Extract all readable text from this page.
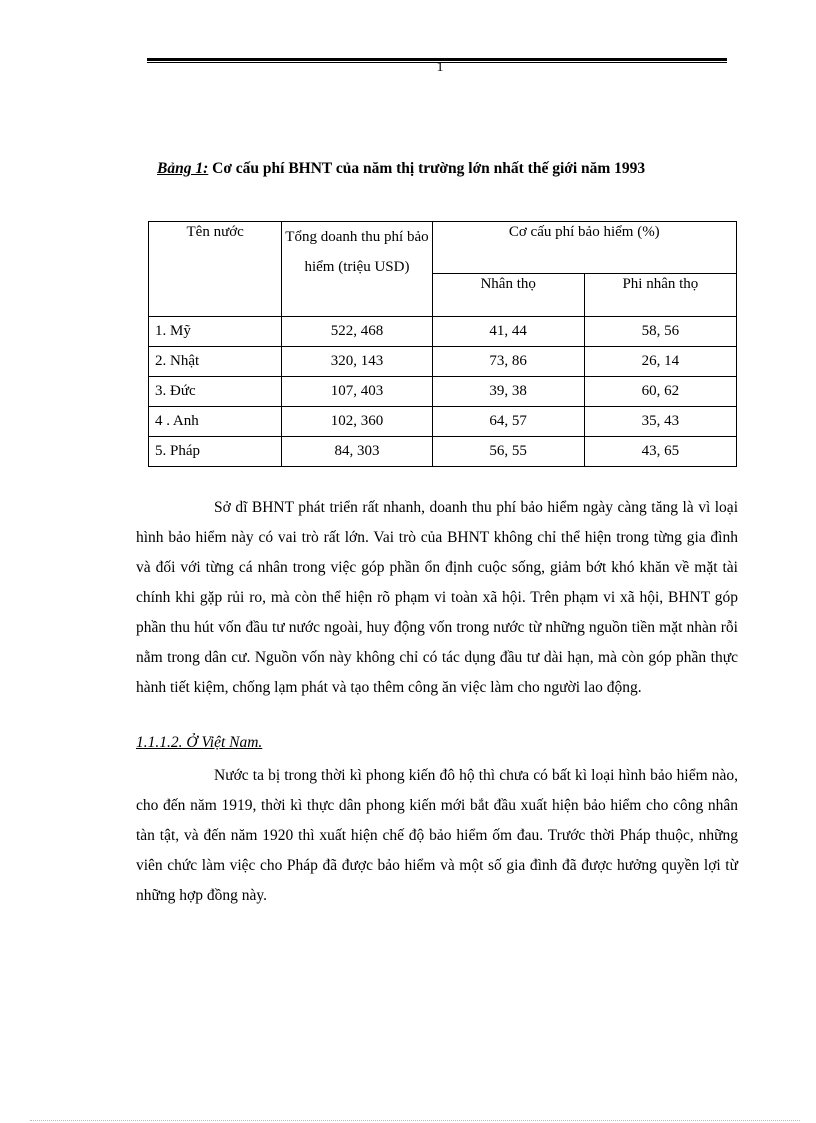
1
Bảng 1: Cơ cấu phí BHNT của năm thị trường lớn nhất thế giới năm 1993
Tên nước	Tổng doanh thu phí bảo hiểm (triệu USD)	Cơ cấu phí bảo hiểm (%)	
		Nhân thọ	Phi nhân thọ
1. Mỹ	522, 468	41, 44	58, 56
2. Nhật	320, 143	73, 86	26, 14
3. Đức	107, 403	39, 38	60, 62
4 . Anh	102, 360	64, 57	35, 43
5. Pháp	84, 303	56, 55	43, 65
Sở dĩ BHNT phát triển rất nhanh, doanh thu phí bảo hiểm ngày càng tăng là vì loại hình bảo hiểm này có vai trò rất lớn. Vai trò của BHNT không chỉ thể hiện trong từng gia đình và đối với từng cá nhân trong việc góp phần ổn định cuộc sống, giảm bớt khó khăn về mặt tài chính khi gặp rủi ro, mà còn thể hiện rõ phạm vi toàn xã hội. Trên phạm vi xã hội, BHNT góp phần thu hút vốn đầu tư nước ngoài, huy động vốn trong nước từ những nguồn tiền mặt nhàn rỗi nằm trong dân cư. Nguồn vốn này không chỉ có tác dụng đầu tư dài hạn, mà còn góp phần thực hành tiết kiệm, chống lạm phát và tạo thêm công ăn việc làm cho người lao động.
1.1.1.2. Ở Việt Nam.
Nước ta bị trong thời kì phong kiến đô hộ thì chưa có bất kì loại hình bảo hiểm nào, cho đến năm 1919, thời kì thực dân phong kiến mới bắt đầu xuất hiện bảo hiểm cho công nhân tàn tật, và đến năm 1920 thì xuất hiện chế độ bảo hiểm ốm đau. Trước thời Pháp thuộc, những viên chức làm việc cho Pháp đã được bảo hiểm và một số gia đình đã được hưởng quyền lợi từ những hợp đồng này.
